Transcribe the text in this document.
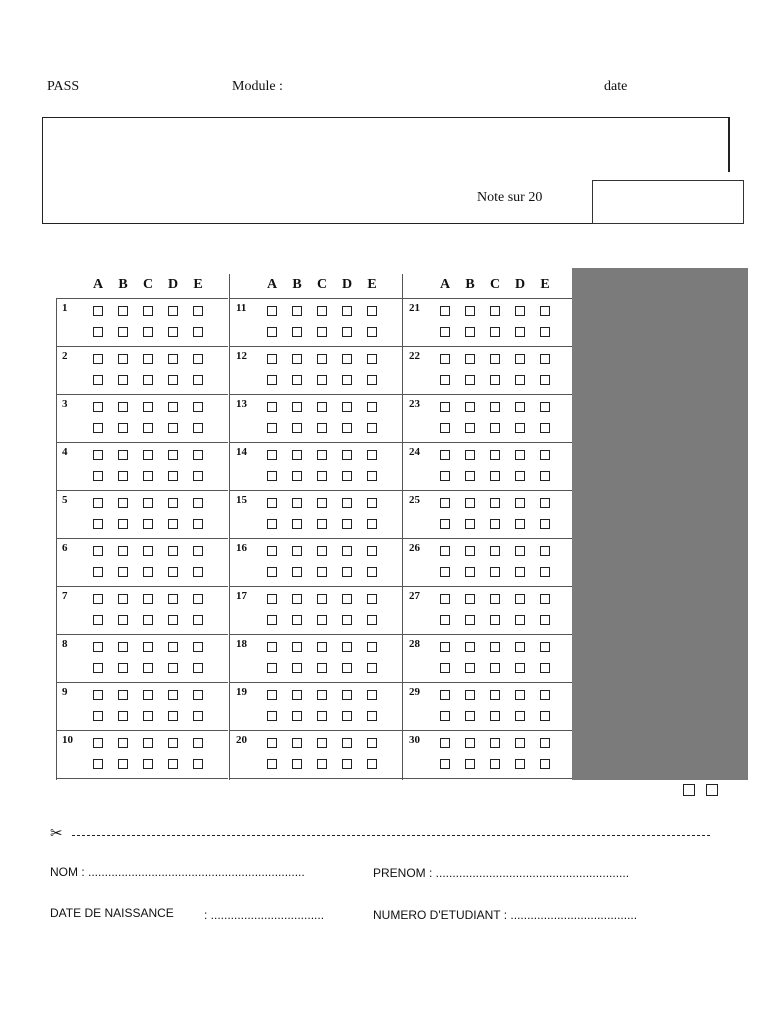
PASS	Module :	date
Note sur 20
A B C D E
1
2
3
4
5
6
7
8
9
10
A B C D E
11
12
13
14
15
16
17
18
19
20
A B C D E
21
22
23
24
25
26
27
28
29
30
✂
NOM : .................................................................	PRENOM : ..........................................................
DATE DE NAISSANCE	: ..................................	NUMERO D'ETUDIANT : ......................................
